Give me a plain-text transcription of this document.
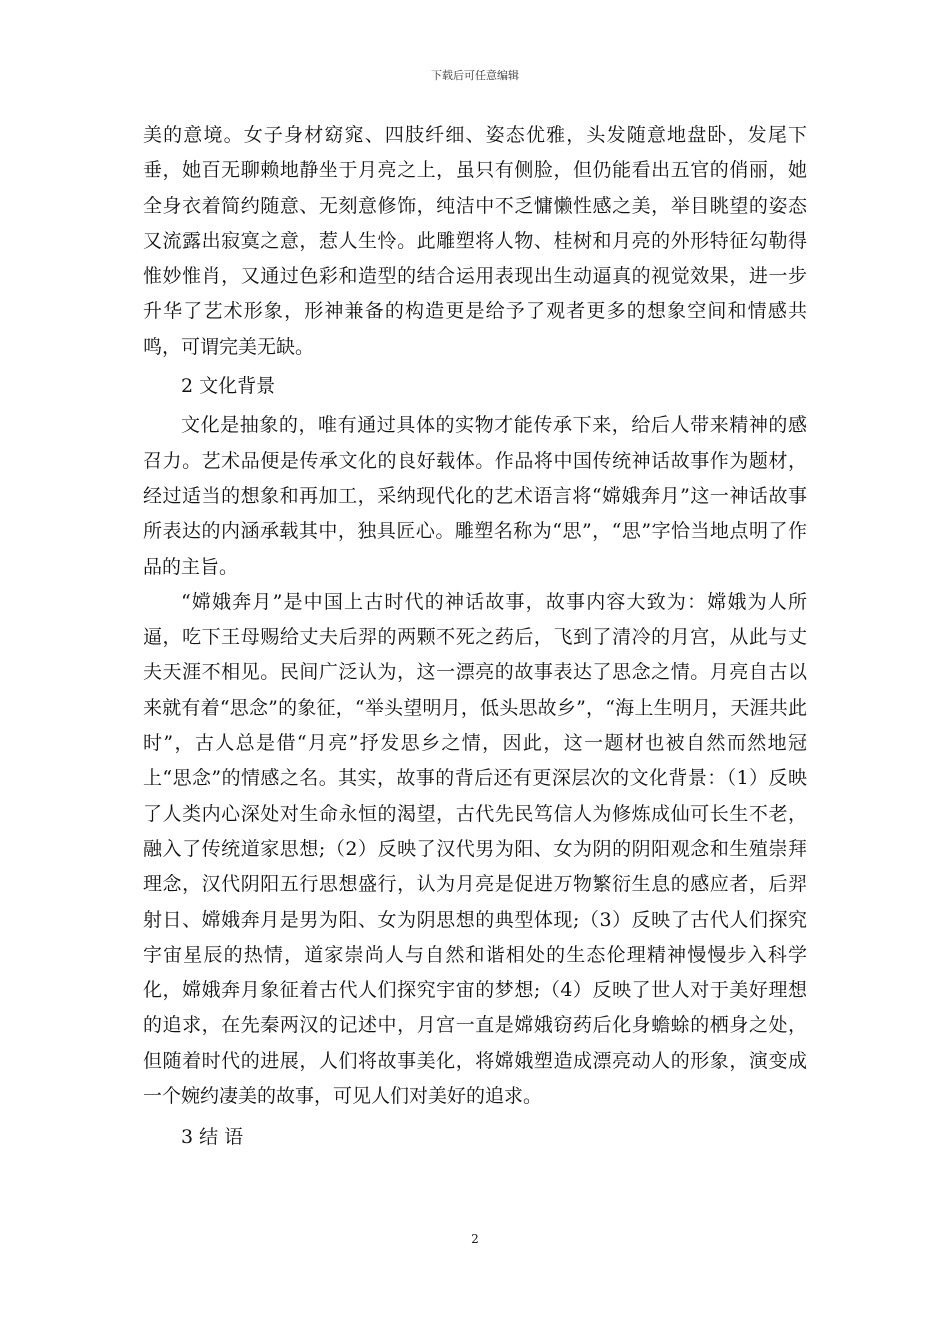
下载后可任意编辑

美的意境。女子身材窈窕、四肢纤细、姿态优雅，头发随意地盘卧，发尾下垂，她百无聊赖地静坐于月亮之上，虽只有侧脸，但仍能看出五官的俏丽，她全身衣着简约随意、无刻意修饰，纯洁中不乏慵懒性感之美，举目眺望的姿态又流露出寂寞之意，惹人生怜。此雕塑将人物、桂树和月亮的外形特征勾勒得惟妙惟肖，又通过色彩和造型的结合运用表现出生动逼真的视觉效果，进一步升华了艺术形象，形神兼备的构造更是给予了观者更多的想象空间和情感共鸣，可谓完美无缺。

2 文化背景

文化是抽象的，唯有通过具体的实物才能传承下来，给后人带来精神的感召力。艺术品便是传承文化的良好载体。作品将中国传统神话故事作为题材，经过适当的想象和再加工，采纳现代化的艺术语言将“嫦娥奔月”这一神话故事所表达的内涵承载其中，独具匠心。雕塑名称为“思”，“思”字恰当地点明了作品的主旨。

“嫦娥奔月”是中国上古时代的神话故事，故事内容大致为：嫦娥为人所逼，吃下王母赐给丈夫后羿的两颗不死之药后，飞到了清冷的月宫，从此与丈夫天涯不相见。民间广泛认为，这一漂亮的故事表达了思念之情。月亮自古以来就有着“思念”的象征，“举头望明月，低头思故乡”，“海上生明月，天涯共此时”，古人总是借“月亮”抒发思乡之情，因此，这一题材也被自然而然地冠上“思念”的情感之名。其实，故事的背后还有更深层次的文化背景：（1）反映了人类内心深处对生命永恒的渴望，古代先民笃信人为修炼成仙可长生不老，融入了传统道家思想;（2）反映了汉代男为阳、女为阴的阴阳观念和生殖崇拜理念，汉代阴阳五行思想盛行，认为月亮是促进万物繁衍生息的感应者，后羿射日、嫦娥奔月是男为阳、女为阴思想的典型体现;（3）反映了古代人们探究宇宙星辰的热情，道家崇尚人与自然和谐相处的生态伦理精神慢慢步入科学化，嫦娥奔月象征着古代人们探究宇宙的梦想;（4）反映了世人对于美好理想的追求，在先秦两汉的记述中，月宫一直是嫦娥窃药后化身蟾蜍的栖身之处，但随着时代的进展，人们将故事美化，将嫦娥塑造成漂亮动人的形象，演变成一个婉约凄美的故事，可见人们对美好的追求。

3 结 语

2
